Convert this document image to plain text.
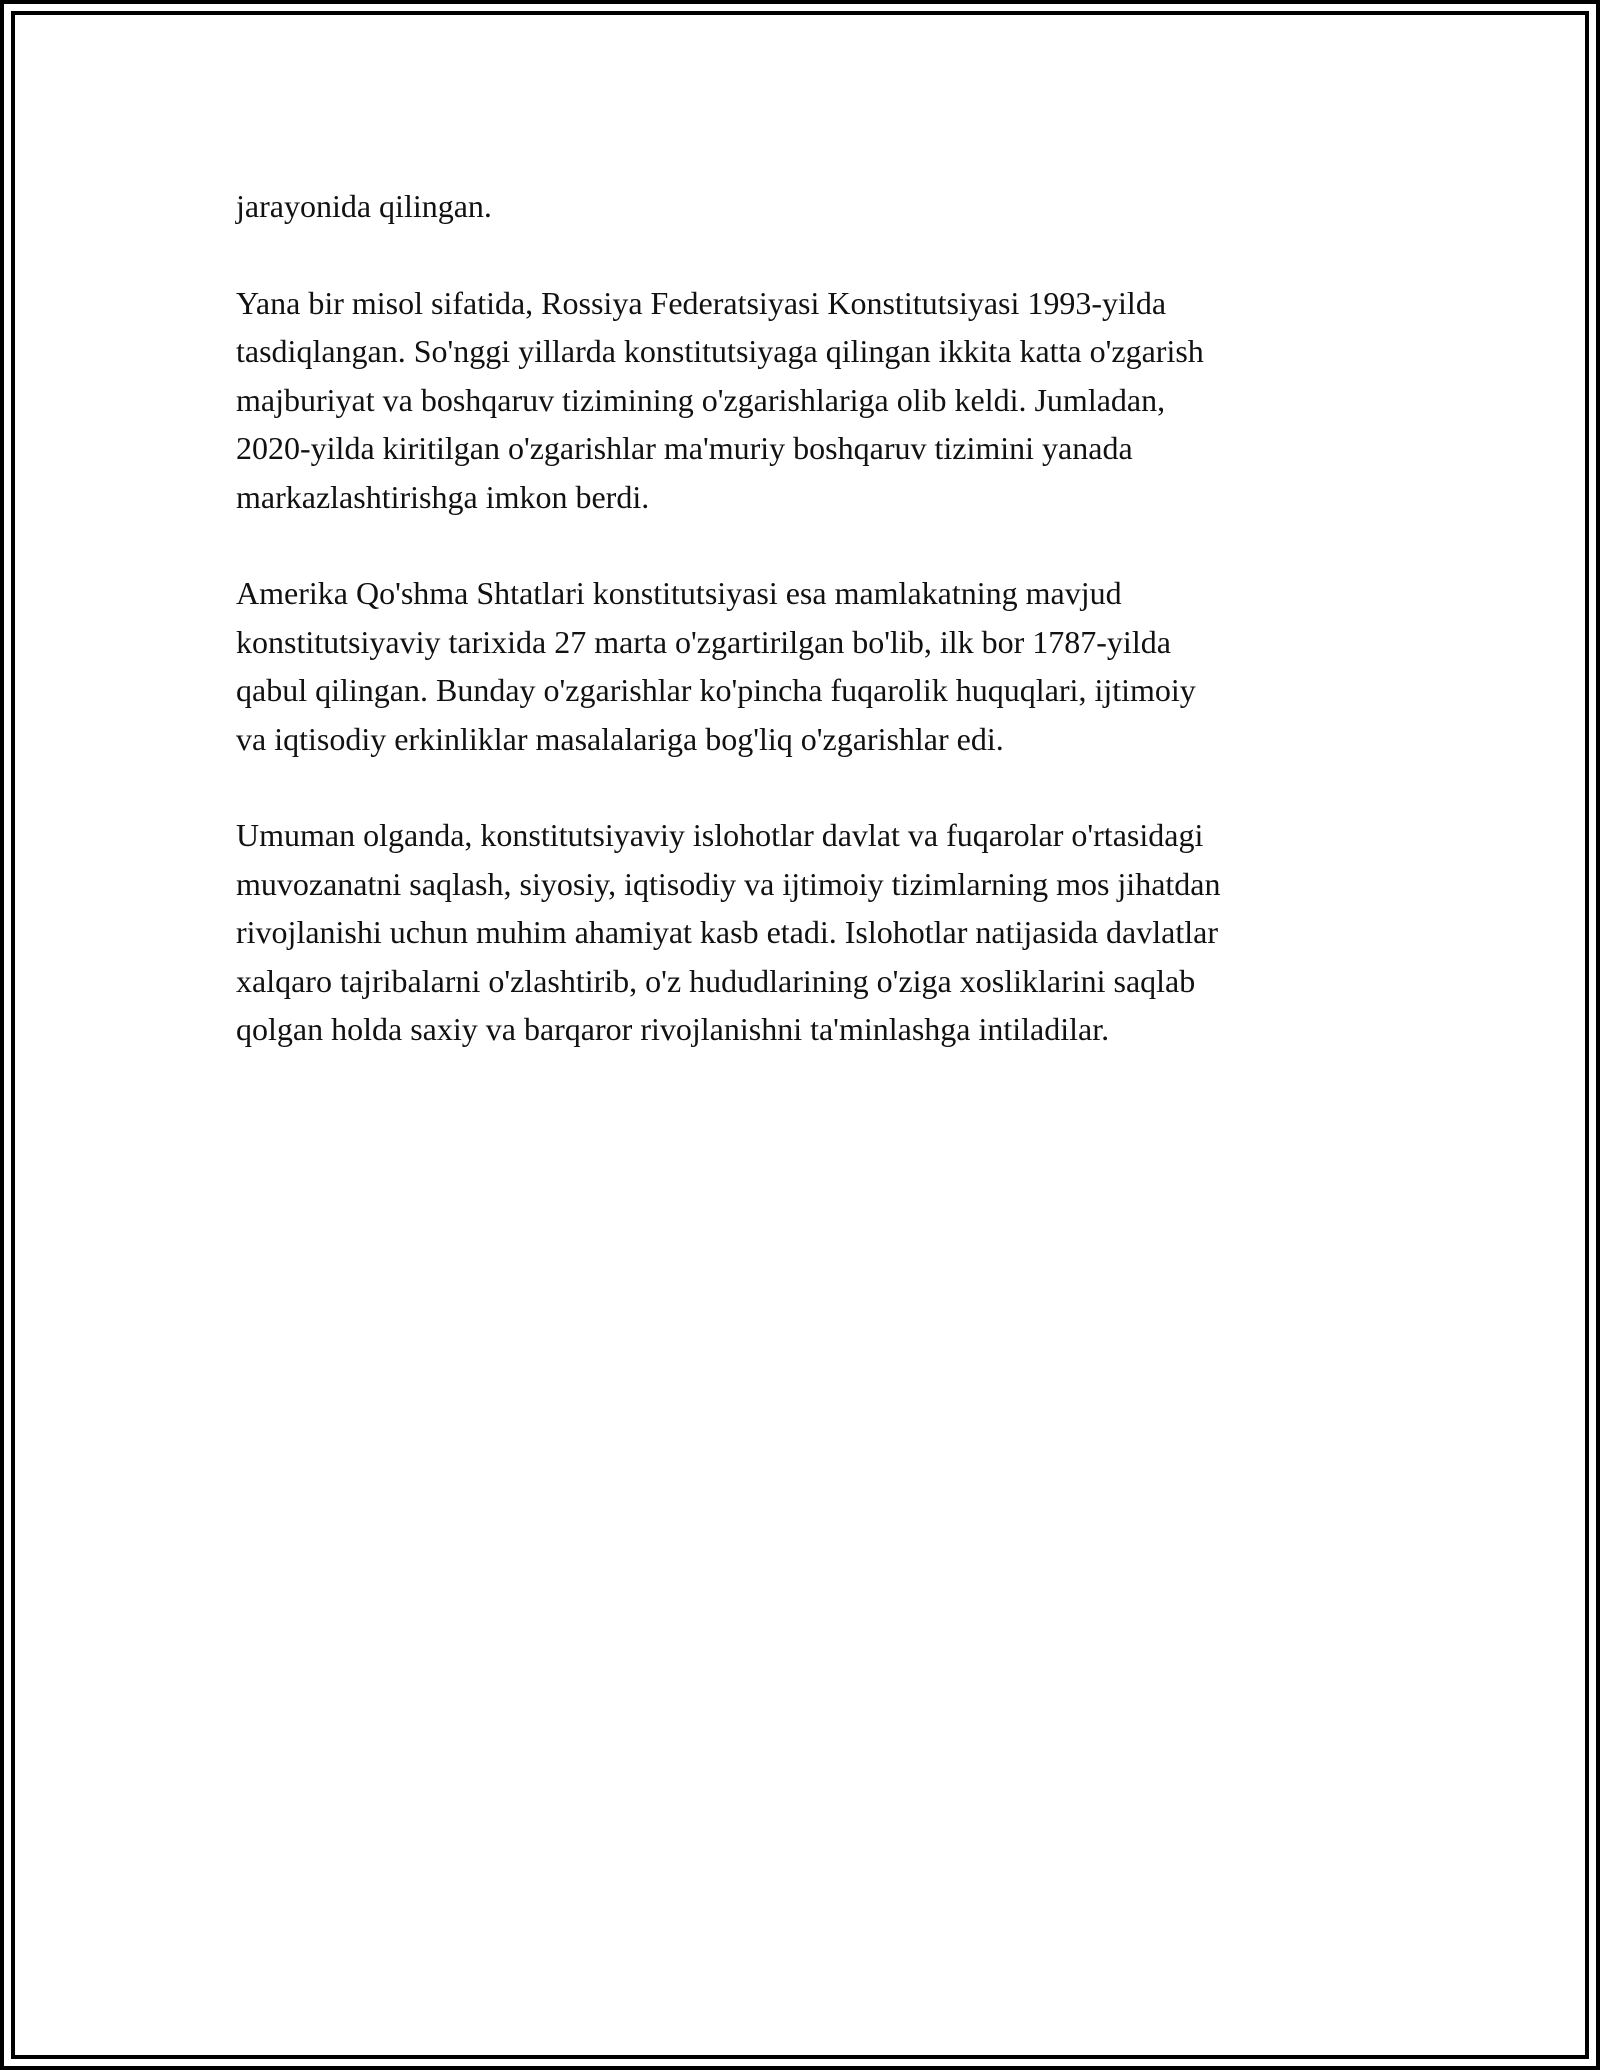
jarayonida qilingan.

Yana bir misol sifatida, Rossiya Federatsiyasi Konstitutsiyasi 1993-yilda
tasdiqlangan. So'nggi yillarda konstitutsiyaga qilingan ikkita katta o'zgarish
majburiyat va boshqaruv tizimining o'zgarishlariga olib keldi. Jumladan,
2020-yilda kiritilgan o'zgarishlar ma'muriy boshqaruv tizimini yanada
markazlashtirishga imkon berdi.

Amerika Qo'shma Shtatlari konstitutsiyasi esa mamlakatning mavjud
konstitutsiyaviy tarixida 27 marta o'zgartirilgan bo'lib, ilk bor 1787-yilda
qabul qilingan. Bunday o'zgarishlar ko'pincha fuqarolik huquqlari, ijtimoiy
va iqtisodiy erkinliklar masalalariga bog'liq o'zgarishlar edi.

Umuman olganda, konstitutsiyaviy islohotlar davlat va fuqarolar o'rtasidagi
muvozanatni saqlash, siyosiy, iqtisodiy va ijtimoiy tizimlarning mos jihatdan
rivojlanishi uchun muhim ahamiyat kasb etadi. Islohotlar natijasida davlatlar
xalqaro tajribalarni o'zlashtirib, o'z hududlarining o'ziga xosliklarini saqlab
qolgan holda saxiy va barqaror rivojlanishni ta'minlashga intiladilar.
